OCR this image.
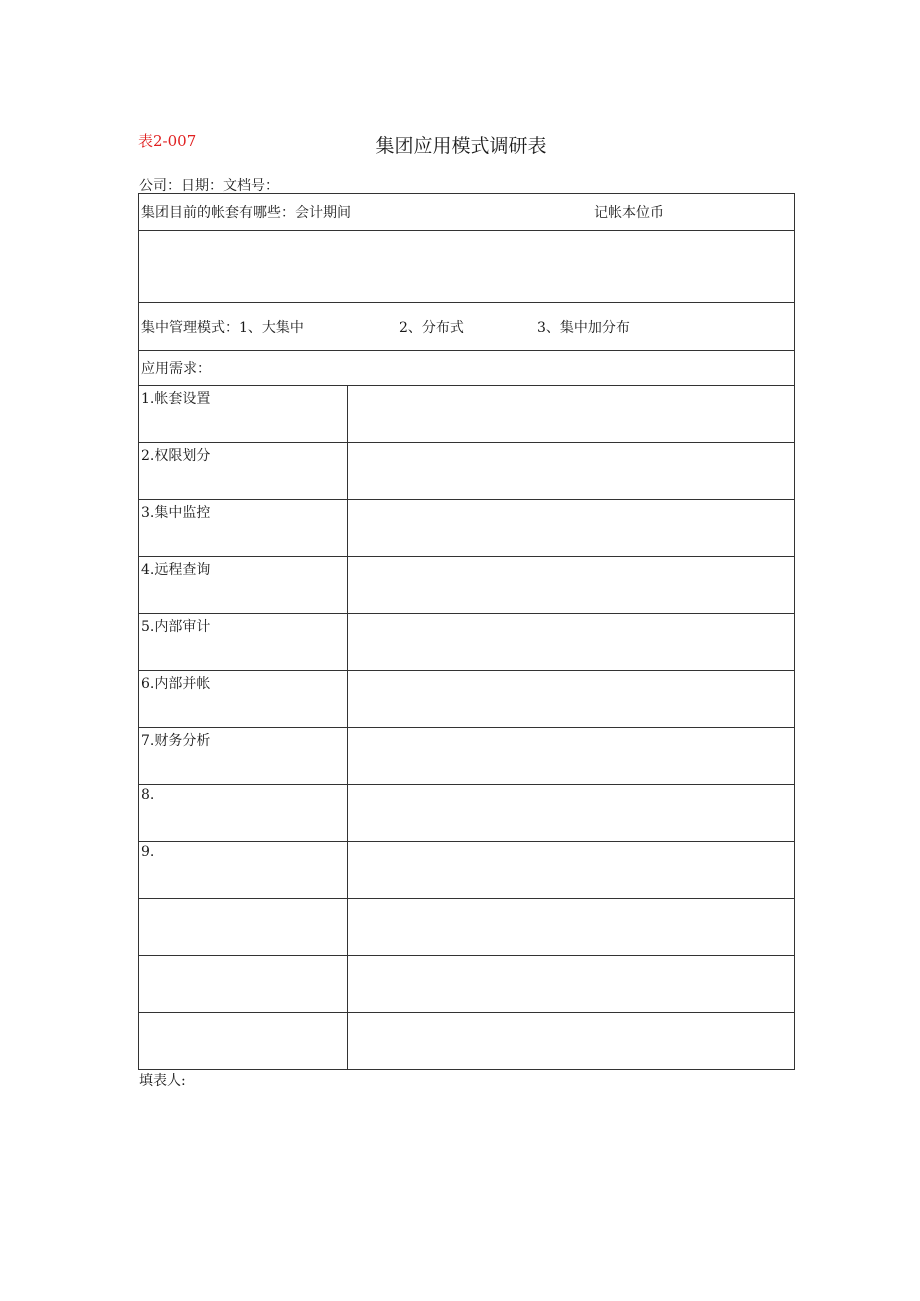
表2-007	集团应用模式调研表
公司：日期：文档号：
集团目前的帐套有哪些：会计期间 记帐本位币	

集中管理模式：1、大集中 2、分布式 3、集中加分布	

应用需求：	
1.帐套设置	
2.权限划分	
3.集中监控	
4.远程查询	
5.内部审计	
6.内部并帐	
7.财务分析	
8.	
9.	

填表人:
